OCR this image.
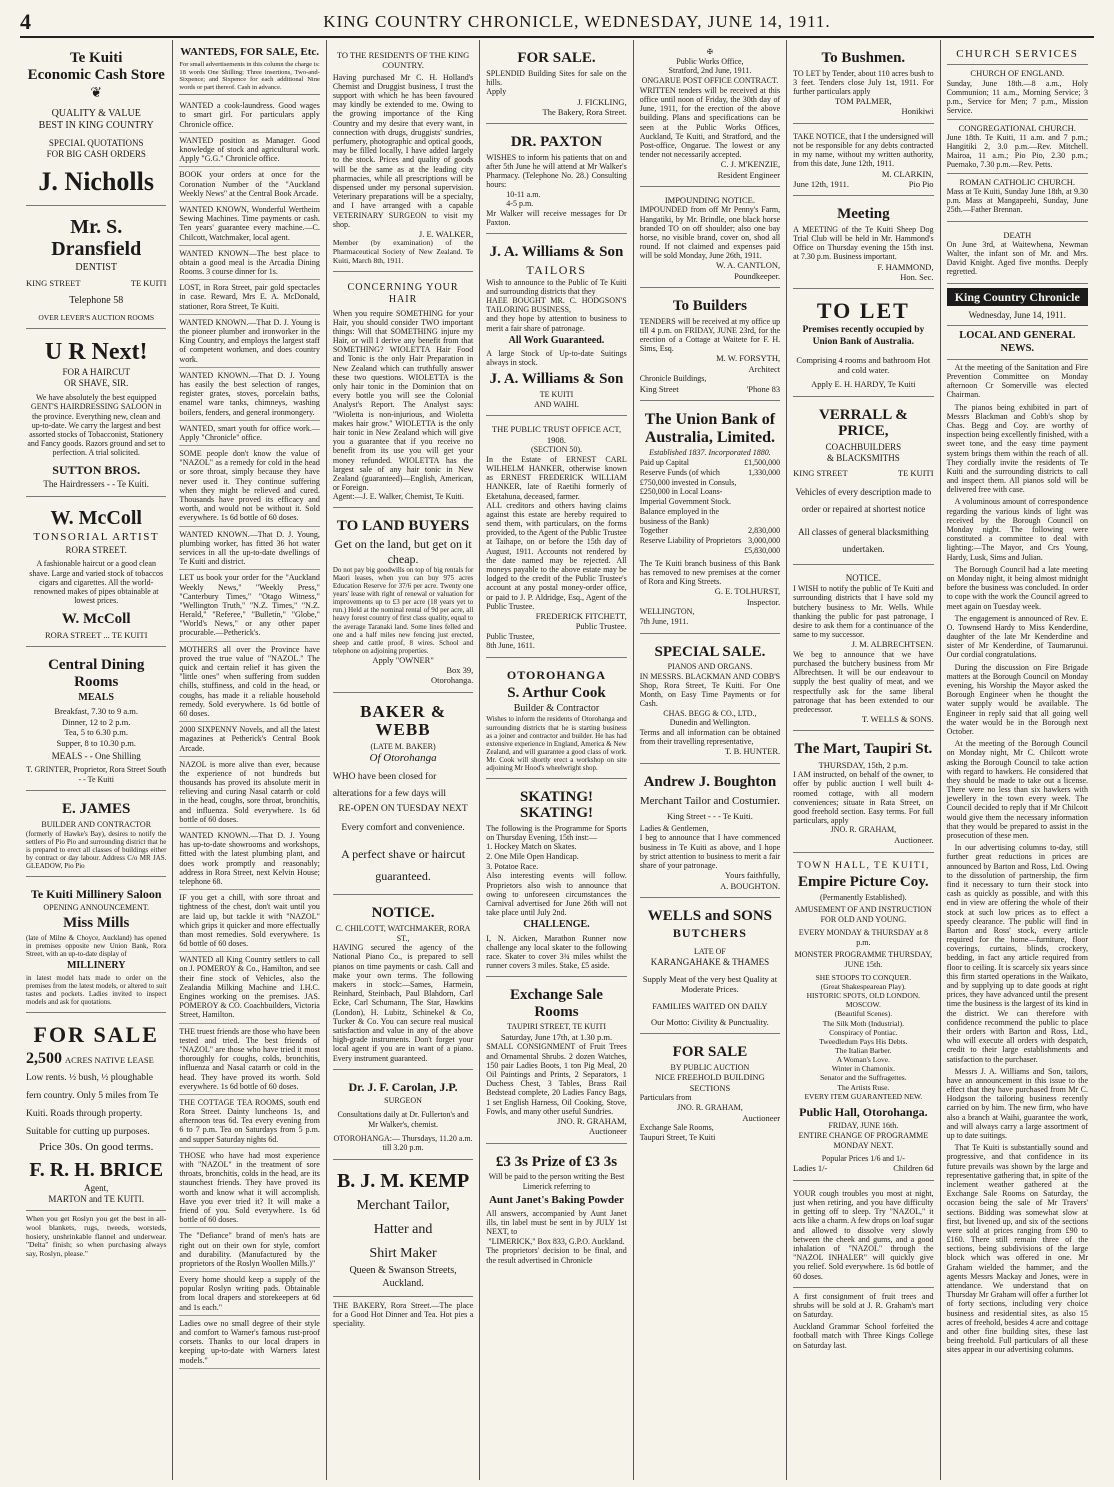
4	KING COUNTRY CHRONICLE, WEDNESDAY, JUNE 14, 1911.
Te Kuiti
Economic Cash Store
❦
QUALITY & VALUE
BEST IN KING COUNTRY
SPECIAL QUOTATIONS
FOR BIG CASH ORDERS
J. Nicholls
Mr. S. Dransfield
DENTIST
KING STREET	TE KUITI
Telephone 58
OVER LEVER'S AUCTION ROOMS
U R Next!
FOR A HAIRCUT
OR SHAVE, SIR.
We have absolutely the best equipped GENT'S HAIRDRESSING SALOON in the province. Everything new, clean and up-to-date. We carry the largest and best assorted stocks of Tobacconist, Stationery and Fancy goods. Razors ground and set to perfection. A trial solicited.
SUTTON BROS.
The Hairdressers - - Te Kuiti.
W. McColl
TONSORIAL ARTIST
RORA STREET.
A fashionable haircut or a good clean shave. Large and varied stock of tobaccos cigars and cigarettes. All the world-renowned makes of pipes obtainable at lowest prices.
W. McColl
RORA STREET ... TE KUITI
Central Dining Rooms
MEALS
Breakfast, 7.30 to 9 a.m.
Dinner, 12 to 2 p.m.
Tea, 5 to 6.30 p.m.
Supper, 8 to 10.30 p.m.
MEALS - - One Shilling
T. GRINTER, Proprietor, Rora Street South - - Te Kuiti
E. JAMES
BUILDER AND CONTRACTOR
(formerly of Hawke's Bay), desires to notify the settlers of Pio Pio and surrounding district that he is prepared to erect all classes of buildings either by contract or day labour. Address C/o MR JAS. GLEADOW, Pio Pio
Te Kuiti Millinery Saloon
OPENING ANNOUNCEMENT.
Miss Mills
(late of Milne & Choyce, Auckland) has opened in premises opposite new Union Bank, Rora Street, with an up-to-date display of
MILLINERY
in latest model hats made to order on the premises from the latest models, or altered to suit tastes and pockets. Ladies invited to inspect models and ask for quotations.
FOR SALE
2,500 ACRES NATIVE LEASE
Low rents. ½ bush, ½ ploughable fern country. Only 5 miles from Te Kuiti. Roads through property. Suitable for cutting up purposes.
Price 30s. On good terms.
F. R. H. BRICE
Agent,
MARTON and TE KUITI.
When you get Roslyn you get the best in all-wool blankets, rugs, tweeds, worsteds, hosiery, unshrinkable flannel and underwear. "Delta" finish; so when purchasing always say, Roslyn, please."
WANTEDS, FOR SALE, Etc.
For small advertisements in this column the charge is: 18 words One Shilling; Three insertions, Two-and-Sixpence; and Sixpence for each additional Nine words or part thereof. Cash in advance.
WANTED a cook-laundress. Good wages to smart girl. For particulars apply Chronicle office.
WANTED position as Manager. Good knowledge of stock and agricultural work. Apply "G.G." Chronicle office.
BOOK your orders at once for the Coronation Number of the "Auckland Weekly News" at the Central Book Arcade.
WANTED KNOWN, Wonderful Wertheim Sewing Machines. Time payments or cash. Ten years' guarantee every machine.—C. Chilcott, Watchmaker, local agent.
WANTED KNOWN—The best place to obtain a good meal is the Arcadia Dining Rooms. 3 course dinner for 1s.
LOST, in Rora Street, pair gold spectacles in case. Reward, Mrs E. A. McDonald, stationer, Rora Street, Te Kuiti.
WANTED KNOWN.—That D. J. Young is the pioneer plumber and ironworker in the King Country, and employs the largest staff of competent workmen, and does country work.
WANTED KNOWN.—That D. J. Young has easily the best selection of ranges, register grates, stoves, porcelain baths, enamel ware tanks, chimneys, washing boilers, fenders, and general ironmongery.
WANTED, smart youth for office work.—Apply "Chronicle" office.
SOME people don't know the value of "NAZOL" as a remedy for cold in the head or sore throat, simply because they have never used it. They continue suffering when they might be relieved and cured. Thousands have proved its efficacy and worth, and would not be without it. Sold everywhere. 1s 6d bottle of 60 doses.
WANTED KNOWN.—That D. J. Young, plumbing worker, has fitted 36 hot water services in all the up-to-date dwellings of Te Kuiti and district.
LET us book your order for the "Auckland Weekly News," "Weekly Press," "Canterbury Times," "Otago Witness," "Wellington Truth," "N.Z. Times," "N.Z. Herald," "Referee," "Bulletin," "Globe," "World's News," or any other paper procurable.—Petherick's.
MOTHERS all over the Province have proved the true value of "NAZOL." The quick and certain relief it has given the "little ones" when suffering from sudden chills, stuffiness, and cold in the head, or coughs, has made it a reliable household remedy. Sold everywhere. 1s 6d bottle of 60 doses.
2000 SIXPENNY Novels, and all the latest magazines at Petherick's Central Book Arcade.
NAZOL is more alive than ever, because the experience of not hundreds but thousands has proved its absolute merit in relieving and curing Nasal catarrh or cold in the head, coughs, sore throat, bronchitis, and influenza. Sold everywhere. 1s 6d bottle of 60 doses.
WANTED KNOWN.—That D. J. Young has up-to-date showrooms and workshops, fitted with the latest plumbing plant, and does work promptly and reasonably; address in Rora Street, next Kelvin House; telephone 68.
IF you get a chill, with sore throat and tightness of the chest, don't wait until you are laid up, but tackle it with "NAZOL" which grips it quicker and more effectually than most remedies. Sold everywhere. 1s 6d bottle of 60 doses.
WANTED all King Country settlers to call on J. POMEROY & Co., Hamilton, and see their fine stock of Vehicles, also the Zealandia Milking Machine and I.H.C. Engines working on the premises. JAS. POMEROY & CO. Coachbuilders, Victoria Street, Hamilton.
THE truest friends are those who have been tested and tried. The best friends of "NAZOL" are those who have tried it most thoroughly for coughs, colds, bronchitis, influenza and Nasal catarrh or cold in the head. They have proved its worth. Sold everywhere. 1s 6d bottle of 60 doses.
THE COTTAGE TEA ROOMS, south end Rora Street. Dainty luncheons 1s, and afternoon teas 6d. Tea every evening from 6 to 7 p.m. Tea on Saturdays from 5 p.m. and supper Saturday nights 6d.
THOSE who have had most experience with "NAZOL" in the treatment of sore throats, bronchitis, colds in the head, are its staunchest friends. They have proved its worth and know what it will accomplish. Have you ever tried it? It will make a friend of you. Sold everywhere. 1s 6d bottle of 60 doses.
The "Defiance" brand of men's hats are right out on their own for style, comfort and durability. (Manufactured by the proprietors of the Roslyn Woollen Mills.)"
Every home should keep a supply of the popular Roslyn writing pads. Obtainable from local drapers and storekeepers at 6d and 1s each."
Ladies owe no small degree of their style and comfort to Warner's famous rust-proof corsets. Thanks to our local drapers in keeping up-to-date with Warners latest models."
TO THE RESIDENTS OF THE KING COUNTRY.
Having purchased Mr C. H. Holland's Chemist and Druggist business, I trust the support with which he has been favoured may kindly be extended to me. Owing to the growing importance of the King Country and my desire that every want, in connection with drugs, druggists' sundries, perfumery, photographic and optical goods, may be filled locally, I have added largely to the stock. Prices and quality of goods will be the same as at the leading city pharmacies, while all prescriptions will be dispensed under my personal supervision. Veterinary preparations will be a specialty, and I have arranged with a capable VETERINARY SURGEON to visit my shop.
J. E. WALKER,
Member (by examination) of the Pharmaceutical Society of New Zealand. Te Kuiti, March 8th, 1911.
CONCERNING YOUR HAIR
When you require SOMETHING for your Hair, you should consider TWO important things: Will that SOMETHING injure my Hair, or will I derive any benefit from that SOMETHING? WIOLETTA Hair Food and Tonic is the only Hair Preparation in New Zealand which can truthfully answer these two questions. WIOLETTA is the only hair tonic in the Dominion that on every bottle you will see the Colonial Analyst's Report. The Analyst says: "Wioletta is non-injurious, and Wioletta makes hair grow." WIOLETTA is the only hair tonic in New Zealand which will give you a guarantee that if you receive no benefit from its use you will get your money refunded. WIOLETTA has the largest sale of any hair tonic in New Zealand (guaranteed)—English, American, or Foreign.
Agent:—J. E. Walker, Chemist, Te Kuiti.
TO LAND BUYERS
Get on the land, but get on it cheap.
Do not pay big goodwills on top of big rentals for Maori leases, when you can buy 975 acres Education Reserve for 37/6 per acre. Twenty one years' lease with right of renewal or valuation for improvements up to £3 per acre (18 years yet to run.) Held at the nominal rental of 9d per acre, all heavy forest country of first class quality, equal to the average Taranaki land. Some lines felled and one and a half miles new fencing just erected, sheep and cattle proof, 8 wires. School and telephone on adjoining properties.
Apply "OWNER"
Box 39,
Otorohanga.
BAKER & WEBB
(LATE M. BAKER)
Of Otorohanga
WHO have been closed for alterations for a few days will
RE-OPEN ON TUESDAY NEXT
Every comfort and convenience.
A perfect shave or haircut guaranteed.
NOTICE.
C. CHILCOTT, WATCHMAKER, RORA ST.,
HAVING secured the agency of the National Piano Co., is prepared to sell pianos on time payments or cash. Call and make your own terms. The following makers in stock:—Sames, Harmein, Reinhard, Steinbach, Paul Blahdorn, Carl Ecke, Carl Schumann, The Star, Hawkins (London), H. Lubitz, Schinekel & Co, Tucker & Co. You can secure real musical satisfaction and value in any of the above high-grade instruments. Don't forget your local agent if you are in want of a piano. Every instrument guaranteed.
Dr. J. F. Carolan, J.P.
SURGEON
Consultations daily at Dr. Fullerton's and Mr Walker's, chemist.
OTOROHANGA:— Thursdays, 11.20 a.m. till 3.20 p.m.
B. J. M. KEMP
Merchant Tailor,
Hatter and
Shirt Maker
Queen & Swanson Streets, Auckland.
THE BAKERY, Rora Street.—The place for a Good Hot Dinner and Tea. Hot pies a speciality.
FOR SALE.
SPLENDID Building Sites for sale on the hills.
Apply
J. FICKLING,
The Bakery, Rora Street.
DR. PAXTON
WISHES to inform his patients that on and after 5th June he will attend at Mr Walker's Pharmacy. (Telephone No. 28.) Consulting hours:
10-11 a.m.
4-5 p.m.
Mr Walker will receive messages for Dr Paxton.
J. A. Williams & Son
TAILORS
Wish to announce to the Public of Te Kuiti and surrounding districts that they
HAEE BOUGHT MR. C. HODGSON'S TAILORING BUSINESS,
and they hope by attention to business to merit a fair share of patronage.
All Work Guaranteed.
A large Stock of Up-to-date Suitings always in stock.
J. A. Williams & Son
TE KUITI
AND WAIHI.
THE PUBLIC TRUST OFFICE ACT, 1908.
(SECTION 50).
In the Estate of ERNEST CARL WILHELM HANKER, otherwise known as ERNEST FREDERICK WILLIAM HANKER, late of Raetihi formerly of Eketahuna, deceased, farmer.
ALL creditors and others having claims against this estate are hereby required to send them, with particulars, on the forms provided, to the Agent of the Public Trustee at Taihape, on or before the 15th day of August, 1911. Accounts not rendered by the date named may be rejected. All moneys payable to the above estate may be lodged to the credit of the Public Trustee's account at any postal money-order office, or paid to J. P. Aldridge, Esq., Agent of the Public Trustee.
FREDERICK FITCHETT,
Public Trustee.
Public Trustee,
8th June, 1611.
OTOROHANGA
S. Arthur Cook
Builder & Contractor
Wishes to inform the residents of Otorohanga and surrounding districts that he is starting business as a joiner and contractor and builder. He has had extensive experience in England, America & New Zealand, and will guarantee a good class of work. Mr. Cook will shortly erect a workshop on site adjoining Mr Hood's wheelwright shop.
SKATING! SKATING!
The following is the Programme for Sports on Thursday Evening, 15th inst:—
1. Hockey Match on Skates.
2. One Mile Open Handicap.
3. Potatoe Race.
Also interesting events will follow. Proprietors also wish to announce that owing to unforeseen circumstances the Carnival advertised for June 26th will not take place until July 2nd.
CHALLENGE.
I, N. Aicken, Marathon Runner now challenge any local skater to the following race. Skater to cover 3¾ miles whilst the runner covers 3 miles. Stake, £5 aside.
Exchange Sale Rooms
TAUPIRI STREET, TE KUITI
Saturday, June 17th, at 1.30 p.m.
SMALL CONSIGNMENT of Fruit Trees and Ornamental Shrubs. 2 dozen Watches, 150 pair Ladies Boots, 1 ton Pig Meal, 20 Oil Paintings and Prints, 2 Separators, 1 Duchess Chest, 3 Tables, Brass Rail Bedstead complete, 20 Ladies Fancy Bags, 1 set English Harness, Oil Cooking, Stove, Fowls, and many other useful Sundries.
JNO. R. GRAHAM,
Auctioneer
£3 3s Prize of £3 3s
Will be paid to the person writing the Best Limerick referring to
Aunt Janet's Baking Powder
All answers, accompanied by Aunt Janet ills, tin label must be sent in by JULY 1st NEXT, to
"LIMERICK," Box 833, G.P.O. Auckland.
The proprietors' decision to be final, and the result advertised in Chronicle
✠
Public Works Office,
Stratford, 2nd June, 1911.
ONGARUE POST OFFICE CONTRACT.
WRITTEN tenders will be received at this office until noon of Friday, the 30th day of June, 1911, for the erection of the above building. Plans and specifications can be seen at the Public Works Offices, Auckland, Te Kuiti, and Stratford, and the Post-office, Ongarue. The lowest or any tender not necessarily accepted.
C. J. M'KENZIE,
Resident Engineer
IMPOUNDING NOTICE.
IMPOUNDED from off Mr Penny's Farm, Hangatiki, by Mr. Brindle, one black horse branded TO on off shoulder; also one bay horse, no visible brand, cover on, shod all round. If not claimed and expenses paid will be sold Monday, June 26th, 1911.
W. A. CANTLON,
Poundkeeper.
To Builders
TENDERS will be received at my office up till 4 p.m. on FRIDAY, JUNE 23rd, for the erection of a Cottage at Waitete for F. H. Sims, Esq.
M. W. FORSYTH,
Architect
Chronicle Buildings,
King Street	'Phone 83
The Union Bank of Australia, Limited.
Established 1837. Incorporated 1880.
Paid up Capital	£1,500,000
Reserve Funds (of which £750,000 invested in Consuls, £250,000 in Local Loans-Imperial Government Stock. Balance employed in the business of the Bank)	1,330,000
Together	2,830,000
Reserve Liability of Proprietors	3,000,000
	£5,830,000
The Te Kuiti branch business of this Bank has removed to new premises at the corner of Rora and King Streets.
G. E. TOLHURST,
Inspector.
WELLINGTON,
7th June, 1911.
SPECIAL SALE.
PIANOS AND ORGANS.
IN MESSRS. BLACKMAN AND COBB'S Shop, Rora Street, Te Kuiti. For One Month, on Easy Time Payments or for Cash.
CHAS. BEGG & CO., LTD.,
Dunedin and Wellington.
Terms and all information can be obtained from their travelling representative,
T. B. HUNTER.
Andrew J. Boughton
Merchant Tailor and Costumier.
King Street - - - Te Kuiti.
Ladies & Gentlemen,
I beg to announce that I have commenced business in Te Kuiti as above, and I hope by strict attention to business to merit a fair share of your patronage.
Yours faithfully,
A. BOUGHTON.
WELLS and SONS
BUTCHERS
LATE OF
KARANGAHAKE & THAMES
Supply Meat of the very best Quality at Moderate Prices.
FAMILIES WAITED ON DAILY
Our Motto: Civility & Punctuality.
FOR SALE
BY PUBLIC AUCTION
NICE FREEHOLD BUILDING SECTIONS
Particulars from
JNO. R. GRAHAM,
Auctioneer
Exchange Sale Rooms,
Taupuri Street, Te Kuiti
To Bushmen.
TO LET by Tender, about 110 acres bush to 3 feet. Tenders close July 1st, 1911. For further particulars apply
TOM PALMER,
Honikiwi
TAKE NOTICE, that I the undersigned will not be responsible for any debts contracted in my name, without my written authority, from this date, June 12th, 1911.
M. CLARKIN,
June 12th, 1911.	Pio Pio
Meeting
A MEETING of the Te Kuiti Sheep Dog Trial Club will be held in Mr. Hammond's Office on Thursday evening the 15th inst. at 7.30 p.m. Business important.
F. HAMMOND,
Hon. Sec.
TO LET
Premises recently occupied by Union Bank of Australia.
Comprising 4 rooms and bathroom Hot and cold water.
Apply E. H. HARDY, Te Kuiti
VERRALL & PRICE,
COACHBUILDERS
& BLACKSMITHS
KING STREET	TE KUITI
Vehicles of every description made to order or repaired at shortest notice
All classes of general blacksmithing undertaken.
NOTICE.
I WISH to notify the public of Te Kuiti and surrounding districts that I have sold my butchery business to Mr. Wells. While thanking the public for past patronage, I desire to ask them for a continuance of the same to my successor.
J. M. ALBRECHTSEN.
We beg to announce that we have purchased the butchery business from Mr Albrechtsen. It will be our endeavour to supply the best quality of meat, and we respectfully ask for the same liberal patronage that has been extended to our predecessor.
T. WELLS & SONS.
The Mart, Taupiri St.
THURSDAY, 15th, 2 p.m.
I AM instructed, on behalf of the owner, to offer by public auction I well built 4-roomed cottage, with all modern conveniences; situate in Rata Street, on good freehold section. Easy terms. For full particulars, apply
JNO. R. GRAHAM,
Auctioneer.
TOWN HALL, TE KUITI,
Empire Picture Coy.
(Permanently Established).
AMUSEMENT OF AND INSTRUCTION FOR OLD AND YOUNG.
EVERY MONDAY & THURSDAY at 8 p.m.
MONSTER PROGRAMME THURSDAY, JUNE 15th.
SHE STOOPS TO CONQUER.
(Great Shakespearean Play).
HISTORIC SPOTS, OLD LONDON.
MOSCOW.
(Beautiful Scenes).
The Silk Moth (Industrial).
Conspiracy of Pontiac.
Tweedledum Pays His Debts.
The Italian Barber.
A Woman's Love.
Winter in Chamonix.
Senator and the Suffragettes.
The Artists Ruse.
EVERY ITEM GUARANTEED NEW.
Public Hall, Otorohanga.
FRIDAY, JUNE 16th.
ENTIRE CHANGE OF PROGRAMME MONDAY NEXT.
Popular Prices 1/6 and 1/-
Ladies 1/-	Children 6d
YOUR cough troubles you most at night, just when retiring, and you have difficulty in getting off to sleep. Try "NAZOL," it acts like a charm. A few drops on loaf sugar and allowed to dissolve very slowly between the cheek and gums, and a good inhalation of "NAZOL" through the "NAZOL INHALER" will quickly give you relief. Sold everywhere. 1s 6d bottle of 60 doses.
A first consignment of fruit trees and shrubs will be sold at J. R. Graham's mart on Saturday.
Auckland Grammar School forfeited the football match with Three Kings College on Saturday last.
CHURCH SERVICES
CHURCH OF ENGLAND.
Sunday, June 18th.—8 a.m., Holy Communion; 11 a.m., Morning Service; 3 p.m., Service for Men; 7 p.m., Mission Service.
CONGREGATIONAL CHURCH.
June 18th. Te Kuiti, 11 a.m. and 7 p.m.; Hangitiki 2, 3.0 p.m.—Rev. Mitchell. Mairoa, 11 a.m.; Pio Pio, 2.30 p.m.; Puemako, 7.30 p.m.—Rev. Petts.
ROMAN CATHOLIC CHURCH.
Mass at Te Kuiti, Sunday June 18th, at 9.30 p.m. Mass at Mangapeehi, Sunday, June 25th.—Father Brennan.
DEATH
On June 3rd, at Waitewhena, Newman Walter, the infant son of Mr. and Mrs. David Knight. Aged five months. Deeply regretted.
King Country Chronicle
Wednesday, June 14, 1911.
LOCAL AND GENERAL NEWS.
At the meeting of the Sanitation and Fire Prevention Committee on Monday afternoon Cr Somerville was elected Chairman.
The pianos being exhibited in part of Messrs Blackman and Cobb's shop by Chas. Begg and Coy. are worthy of inspection being excellently finished, with a sweet tone, and the easy time payment system brings them within the reach of all. They cordially invite the residents of Te Kuiti and the surrounding districts to call and inspect them. All pianos sold will be delivered free with case.
A voluminous amount of correspondence regarding the various kinds of light was received by the Borough Council on Monday night. The following were constituted a committee to deal with lighting:—The Mayor, and Crs Young, Hardy, Lusk, Sims and Julian.
The Borough Council had a late meeting on Monday night, it being almost midnight before the business was concluded. In order to cope with the work the Council agreed to meet again on Tuesday week.
The engagement is announced of Rev. E. O. Townsend Hardy to Miss Kenderdine, daughter of the late Mr Kenderdine and sister of Mr Kenderdine, of Taumarunui. Our cordial congratulations.
During the discussion on Fire Brigade matters at the Borough Council on Monday evening, his Worship the Mayor asked the Borough Engineer when he thought the water supply would be available. The Engineer in reply said that all going well the water would be in the Borough next October.
At the meeting of the Borough Council on Monday night, Mr C. Chilcott wrote asking the Borough Council to take action with regard to hawkers. He considered that they should be made to take out a license. There were no less than six hawkers with jewellery in the town every week. The Council decided to reply that if Mr Chilcott would give them the necessary information that they would be prepared to assist in the prosecution of these men.
In our advertising columns to-day, still further great reductions in prices are announced by Barton and Ross, Ltd. Owing to the dissolution of partnership, the firm find it necessary to turn their stock into cash as quickly as possible, and with this end in view are offering the whole of their stock at such low prices as to effect a speedy clearance. The public will find in Barton and Ross' stock, every article required for the home—furniture, floor coverings, curtains, blinds, crockery, bedding, in fact any article required from floor to ceiling. It is scarcely six years since this firm started operations in the Waikato, and by supplying up to date goods at right prices, they have advanced until the present time the business is the largest of its kind in the district. We can therefore with confidence recommend the public to place their orders with Barton and Ross, Ltd., who will execute all orders with despatch, credit to their large establishments and satisfaction to the purchaser.
Messrs J. A. Williams and Son, tailors, have an announcement in this issue to the effect that they have purchased from Mr C. Hodgson the tailoring business recently carried on by him. The new firm, who have also a branch at Waihi, guarantee the work, and will always carry a large assortment of up to date suitings.
That Te Kuiti is substantially sound and progressive, and that confidence in its future prevails was shown by the large and representative gathering that, in spite of the inclement weather gathered at the Exchange Sale Rooms on Saturday, the occasion being the sale of Mr Travers' sections. Bidding was somewhat slow at first, but livened up, and six of the sections were sold at prices ranging from £90 to £160. There still remain three of the sections, being subdivisions of the large block which was offered in one. Mr Graham wielded the hammer, and the agents Messrs Mackay and Jones, were in attendance. We understand that on Thursday Mr Graham will offer a further lot of forty sections, including very choice business and residential sites, as also 15 acres of freehold, besides 4 acre and cottage and other fine building sites, these last being freehold. Full particulars of all these sites appear in our advertising columns.
